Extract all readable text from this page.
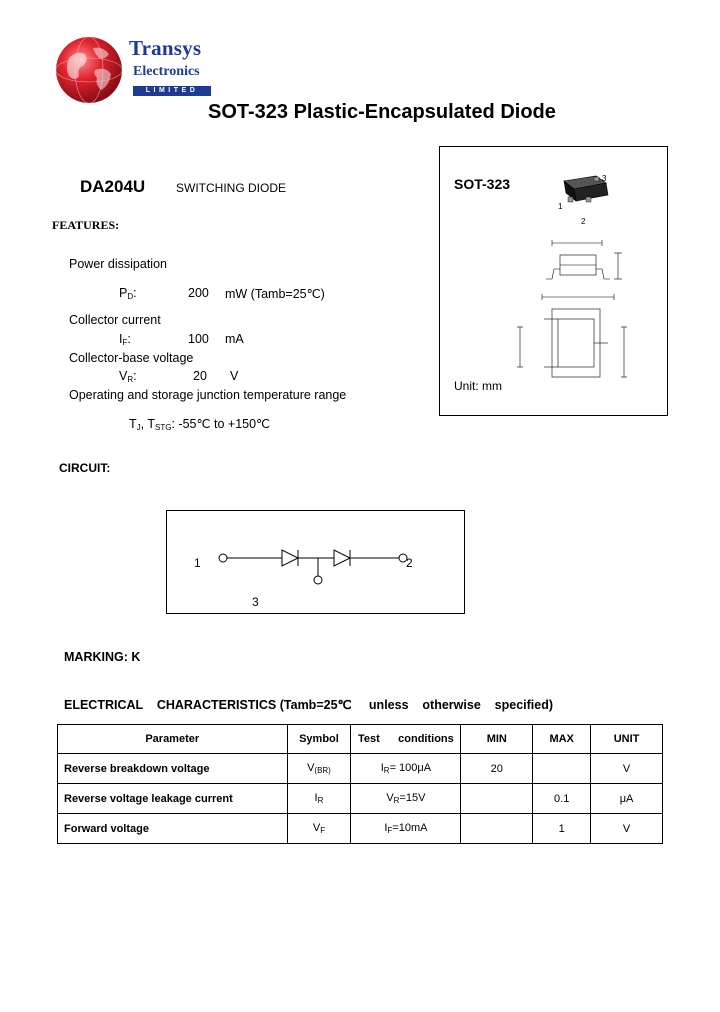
Transys
Electronics
LIMITED
SOT-323 Plastic-Encapsulated Diode
SOT-323	3
1
2
Unit: mm
DA204U	SWITCHING DIODE
FEATURES:
Power dissipation
$P_D$:	200 mW (Tamb=25℃)
Collector current
$I_F$:	100 mA
Collector-base voltage
$V_R$:	20 V
Operating and storage junction temperature range
$T_J$, $T_{STG}$: -55℃ to +150℃
CIRCUIT:
1	2
3
MARKING: K
ELECTRICAL    CHARACTERISTICS (Tamb=25℃     unless    otherwise    specified)
Parameter	Symbol	Test      conditions	MIN	MAX	UNIT
Reverse breakdown voltage	$V_{(BR)}$	$I_R= 100\mu A$	20		V
Reverse voltage leakage current	$I_R$	$V_R=15V$		0.1	μA
Forward voltage	$V_F$	$I_F=10mA$		1	V
